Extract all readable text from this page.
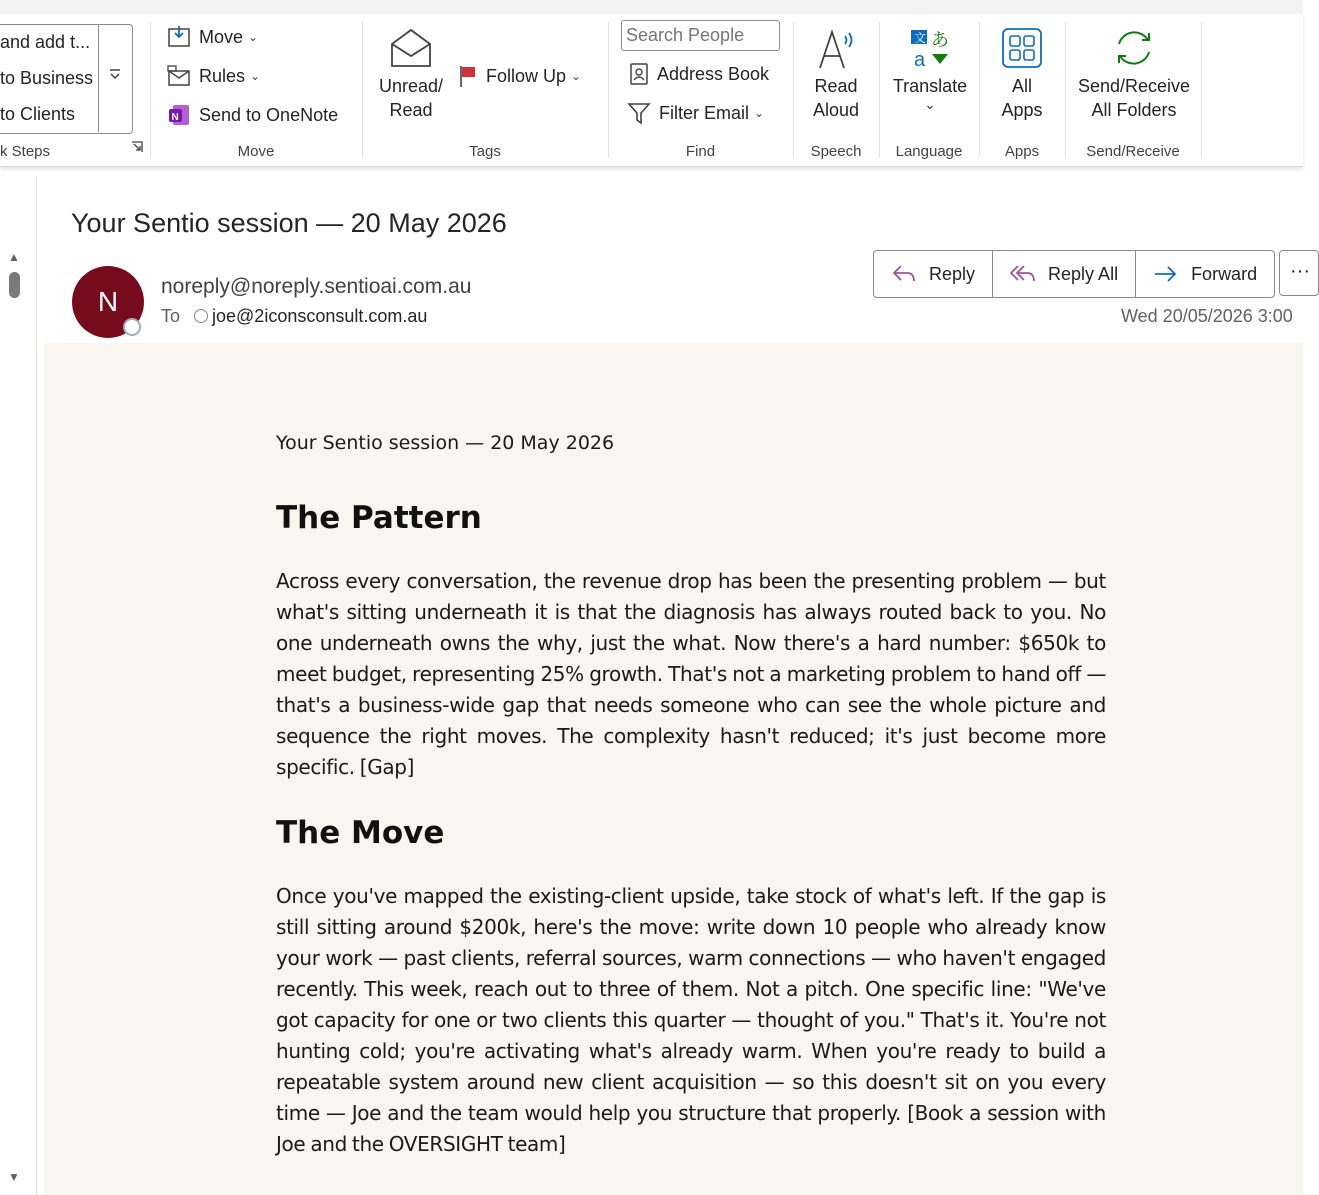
and add t...
to Business
to Clients
k Steps
Move ⌄
Rules ⌄
N Send to OneNote
Move
Unread/
Read
Follow Up ⌄
Tags
Search People
Address Book
Filter Email ⌄
Find
Read
Aloud
Speech
文 あ
a
Translate
⌄
Language
All
Apps
Apps
Send/Receive
All Folders
Send/Receive
▲
▼
Your Sentio session — 20 May 2026
N	noreply@noreply.sentioai.com.au
To joe@2iconsconsult.com.au
Reply	Reply All	Forward	···
Wed 20/05/2026 3:00

Your Sentio session — 20 May 2026

The Pattern

Across every conversation, the revenue drop has been the presenting problem — but what's sitting underneath it is that the diagnosis has always routed back to you. No one underneath owns the why, just the what. Now there's a hard number: $650k to meet budget, representing 25% growth. That's not a marketing problem to hand off — that's a business-wide gap that needs someone who can see the whole picture and sequence the right moves. The complexity hasn't reduced; it's just become more specific. [Gap]

The Move

Once you've mapped the existing-client upside, take stock of what's left. If the gap is still sitting around $200k, here's the move: write down 10 people who already know your work — past clients, referral sources, warm connections — who haven't engaged recently. This week, reach out to three of them. Not a pitch. One specific line: "We've got capacity for one or two clients this quarter — thought of you." That's it. You're not hunting cold; you're activating what's already warm. When you're ready to build a repeatable system around new client acquisition — so this doesn't sit on you every time — Joe and the team would help you structure that properly. [Book a session with Joe and the OVERSIGHT team]
